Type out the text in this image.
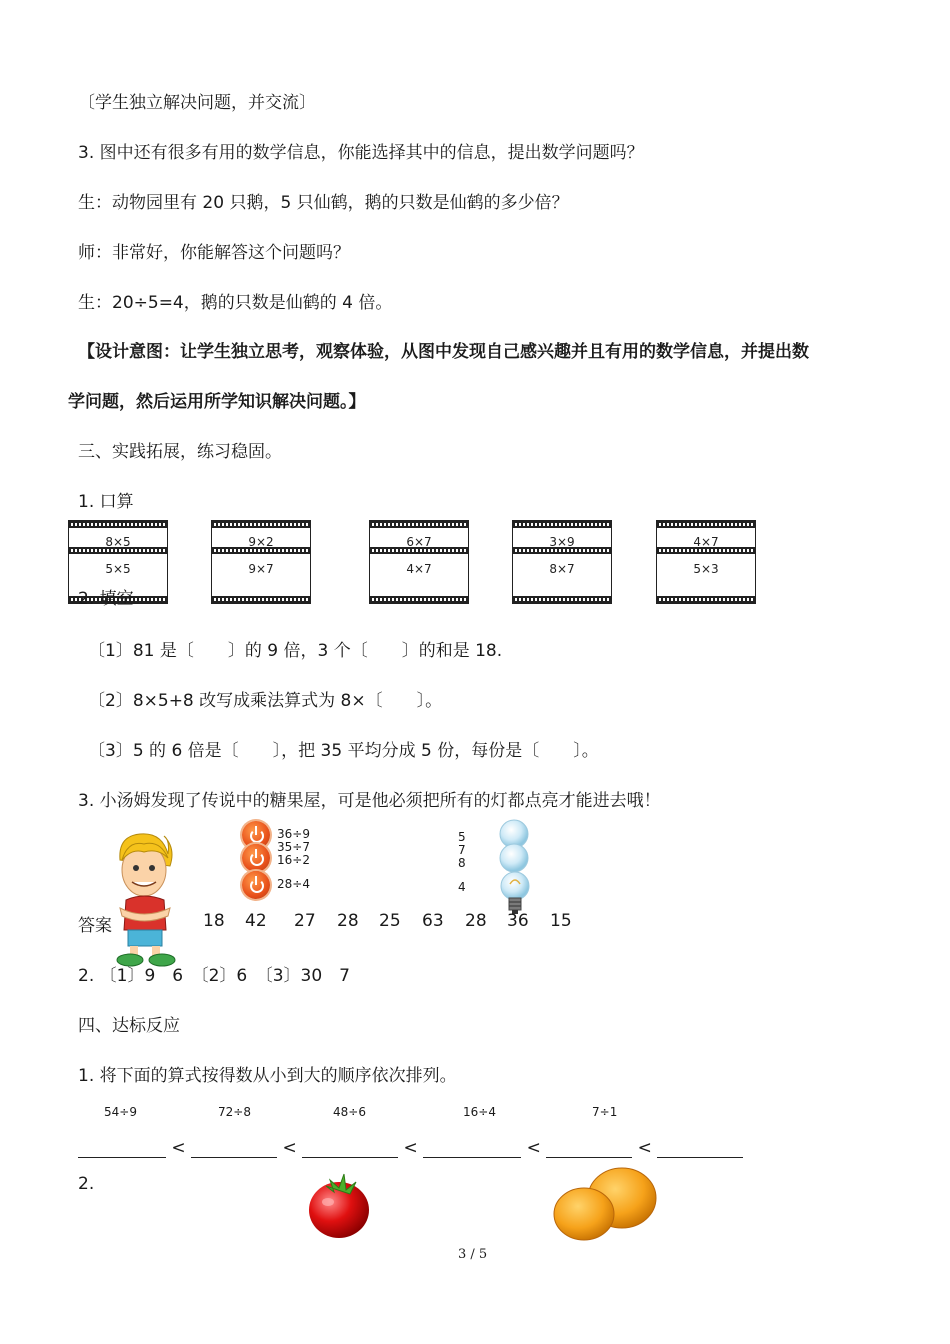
〔学生独立解决问题，并交流〕
3. 图中还有很多有用的数学信息，你能选择其中的信息，提出数学问题吗？
生：动物园里有 20 只鹅，5 只仙鹤，鹅的只数是仙鹤的多少倍？
师：非常好，你能解答这个问题吗？
生：20÷5=4，鹅的只数是仙鹤的 4 倍。
【设计意图：让学生独立思考，观察体验，从图中发现自己感兴趣并且有用的数学信息，并提出数
学问题，然后运用所学知识解决问题。】
三、实践拓展，练习稳固。
1. 口算
8×5
5×5
9×2
9×7
6×7
4×7
3×9
8×7
4×7
5×3
2. 填空
〔1〕81 是〔　　〕的 9 倍，3 个〔　　〕的和是 18.
〔2〕8×5+8 改写成乘法算式为 8×〔　　〕。
〔3〕5 的 6 倍是〔　　〕，把 35 平均分成 5 份，每份是〔　　〕。
3. 小汤姆发现了传说中的糖果屋，可是他必须把所有的灯都点亮才能进去哦！
36÷9
35÷7
16÷2
28÷4
5
7
8
4
答案	18 42 27 28 25 63 28 36 15
2. 〔1〕9　6　〔2〕6　〔3〕30　7
四、达标反应
1. 将下面的算式按得数从小到大的顺序依次排列。
54÷9	72÷8	48÷6	16÷4	7÷1
<	<	<	<	<
2.
3 / 5
